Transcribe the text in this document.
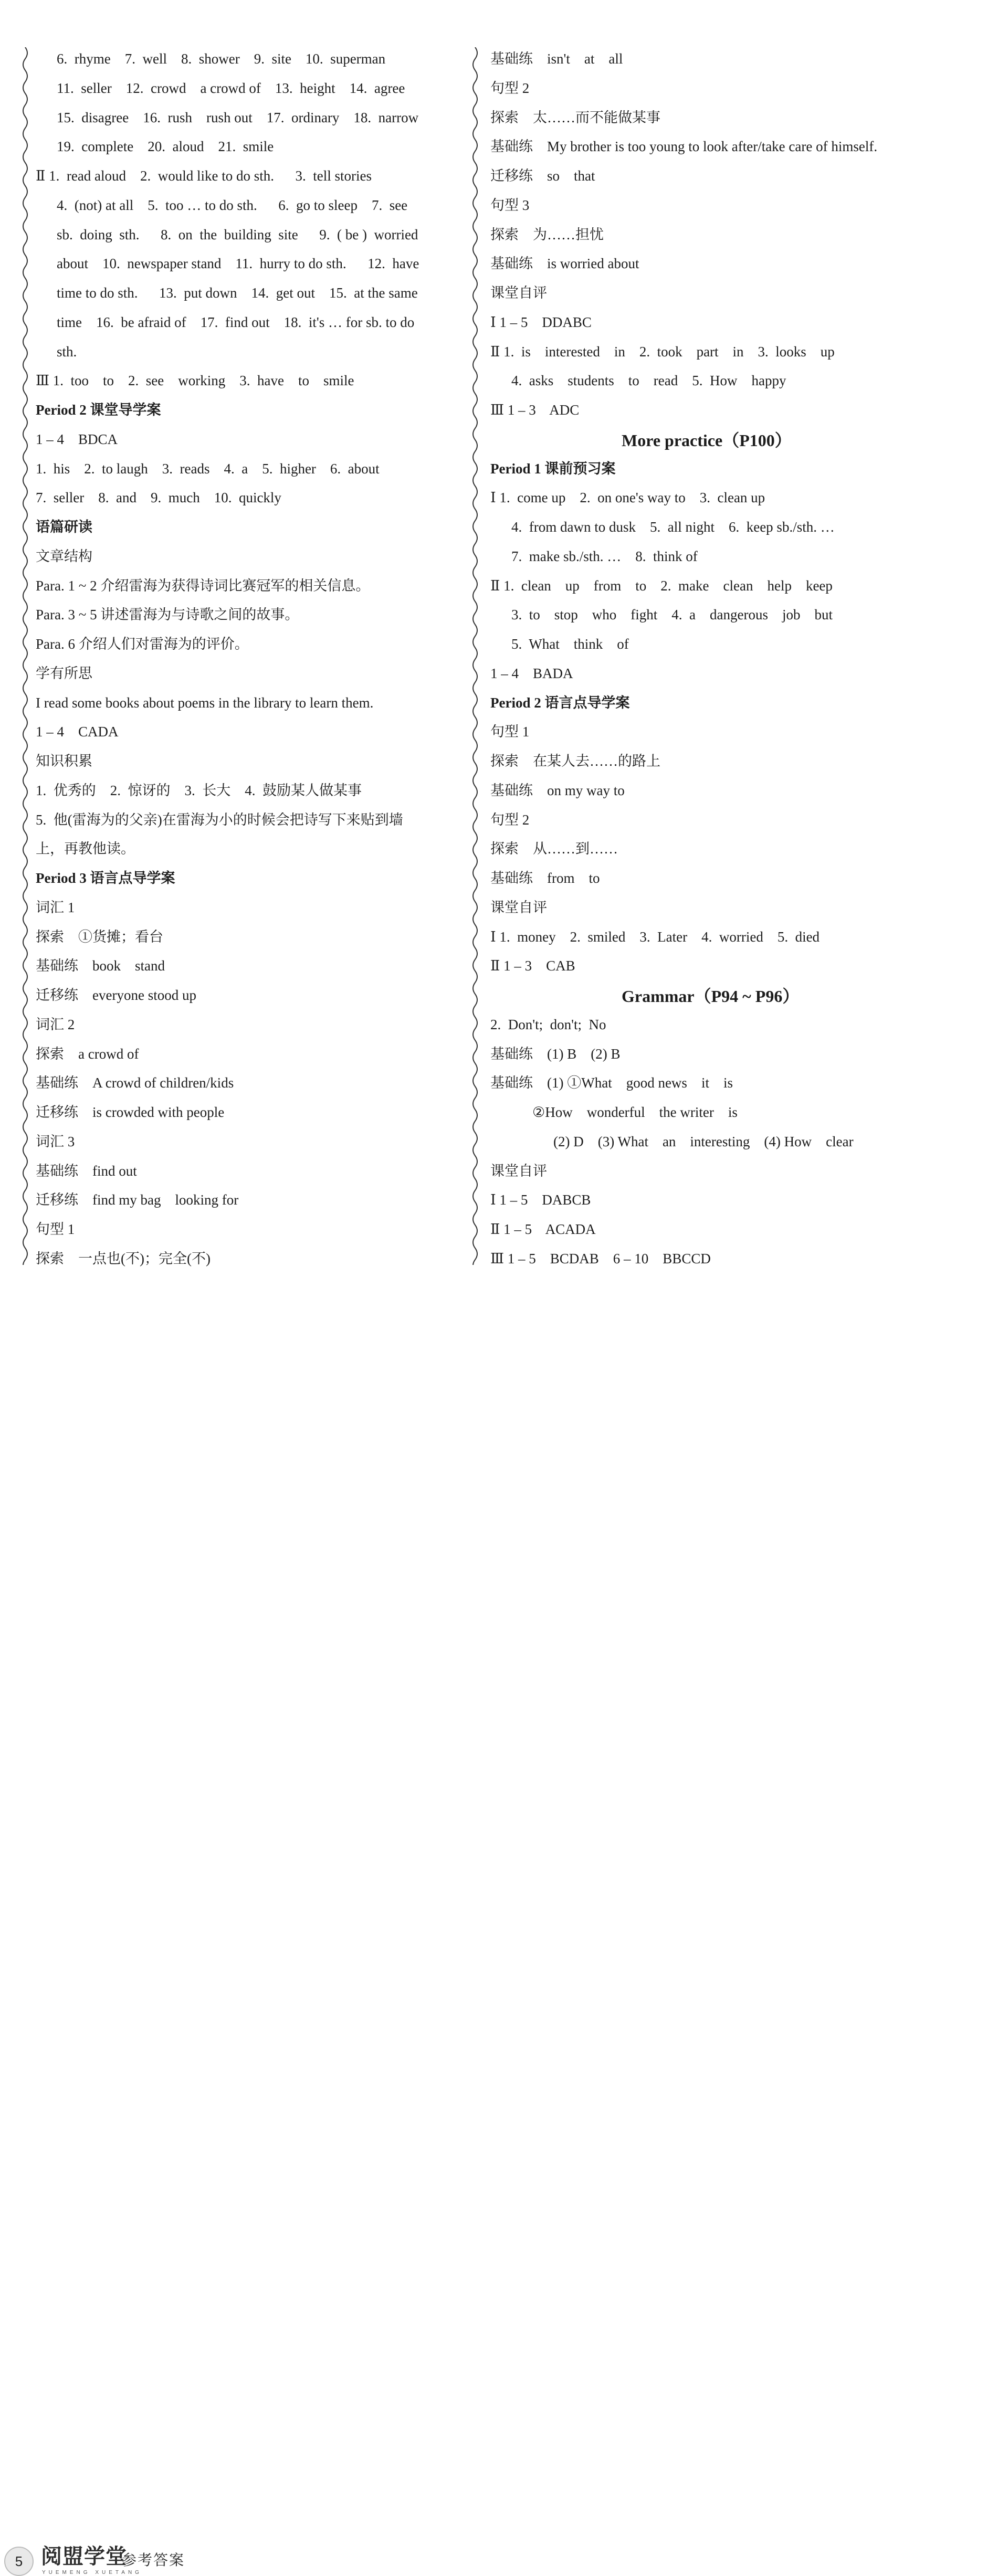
6.  rhyme    7.  well    8.  shower    9.  site    10.  superman
11.  seller    12.  crowd    a crowd of    13.  height    14.  agree
15.  disagree    16.  rush    rush out    17.  ordinary    18.  narrow
19.  complete    20.  aloud    21.  smile
Ⅱ 1.  read aloud    2.  would like to do sth.      3.  tell stories
4.  (not) at all    5.  too … to do sth.      6.  go to sleep    7.  see
sb.  doing  sth.      8.  on  the  building  site      9.  ( be )  worried
about    10.  newspaper stand    11.  hurry to do sth.      12.  have
time to do sth.      13.  put down    14.  get out    15.  at the same
time    16.  be afraid of    17.  find out    18.  it's … for sb. to do
sth.
Ⅲ 1.  too    to    2.  see    working    3.  have    to    smile
Period 2 课堂导学案
1 – 4    BDCA
1.  his    2.  to laugh    3.  reads    4.  a    5.  higher    6.  about
7.  seller    8.  and    9.  much    10.  quickly
语篇研读
文章结构
Para. 1 ~ 2 介绍雷海为获得诗词比赛冠军的相关信息。
Para. 3 ~ 5 讲述雷海为与诗歌之间的故事。
Para. 6 介绍人们对雷海为的评价。
学有所思
I read some books about poems in the library to learn them.
1 – 4    CADA
知识积累
1.  优秀的    2.  惊讶的    3.  长大    4.  鼓励某人做某事
5.  他(雷海为的父亲)在雷海为小的时候会把诗写下来贴到墙
上，再教他读。
Period 3 语言点导学案
词汇 1
探索    ①货摊；看台
基础练    book    stand
迁移练    everyone stood up
词汇 2
探索    a crowd of
基础练    A crowd of children/kids
迁移练    is crowded with people
词汇 3
基础练    find out
迁移练    find my bag    looking for
句型 1
探索    一点也(不)；完全(不)
基础练    isn't    at    all
句型 2
探索    太……而不能做某事
基础练    My brother is too young to look after/take care of himself.
迁移练    so    that
句型 3
探索    为……担忧
基础练    is worried about
课堂自评
Ⅰ 1 – 5    DDABC
Ⅱ 1.  is    interested    in    2.  took    part    in    3.  looks    up
4.  asks    students    to    read    5.  How    happy
Ⅲ 1 – 3    ADC
More practice（P100）
Period 1 课前预习案
Ⅰ 1.  come up    2.  on one's way to    3.  clean up
4.  from dawn to dusk    5.  all night    6.  keep sb./sth. …
7.  make sb./sth. …    8.  think of
Ⅱ 1.  clean    up    from    to    2.  make    clean    help    keep
3.  to    stop    who    fight    4.  a    dangerous    job    but
5.  What    think    of
1 – 4    BADA
Period 2 语言点导学案
句型 1
探索    在某人去……的路上
基础练    on my way to
句型 2
探索    从……到……
基础练    from    to
课堂自评
Ⅰ 1.  money    2.  smiled    3.  Later    4.  worried    5.  died
Ⅱ 1 – 3    CAB
Grammar（P94 ~ P96）
2.  Don't;  don't;  No
基础练    (1) B    (2) B
基础练    (1) ①What    good news    it    is
②How    wonderful    the writer    is
(2) D    (3) What    an    interesting    (4) How    clear
课堂自评
Ⅰ 1 – 5    DABCB
Ⅱ 1 – 5    ACADA
Ⅲ 1 – 5    BCDAB    6 – 10    BBCCD
5 阅盟学堂
YUEMENG XUETANG
参考答案
